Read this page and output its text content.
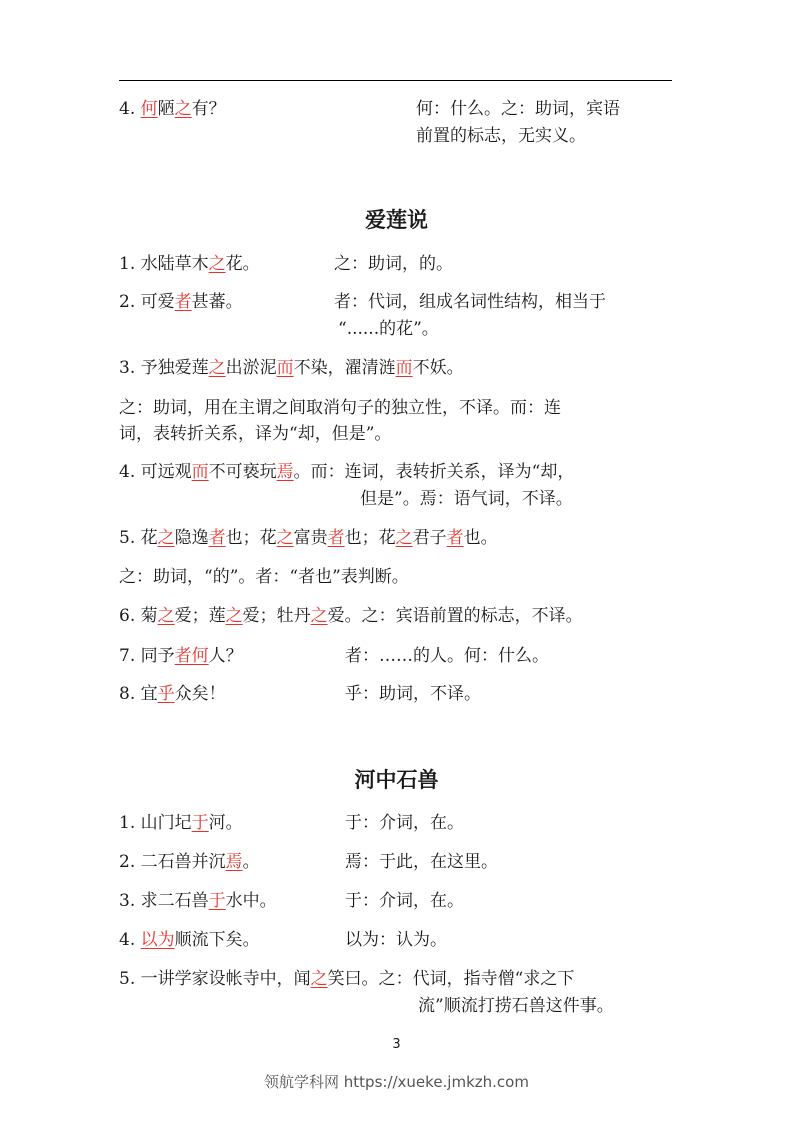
4. 何陋之有？	何：什么。之：助词，宾语
前置的标志，无实义。
爱莲说
1. 水陆草木之花。	之：助词，的。
2. 可爱者甚蕃。	者：代词，组成名词性结构，相当于
“......的花”。
3. 予独爱莲之出淤泥而不染，濯清涟而不妖。
之：助词，用在主谓之间取消句子的独立性，不译。而：连
词，表转折关系，译为“却，但是”。
4. 可远观而不可亵玩焉。而：连词，表转折关系，译为“却，
但是”。焉：语气词，不译。
5. 花之隐逸者也；花之富贵者也；花之君子者也。
之：助词，“的”。者：“者也”表判断。
6. 菊之爱；莲之爱；牡丹之爱。之：宾语前置的标志，不译。
7. 同予者何人？	者：……的人。何：什么。
8. 宜乎众矣！	乎：助词，不译。
河中石兽
1. 山门圮于河。	于：介词，在。
2. 二石兽并沉焉。	焉：于此，在这里。
3. 求二石兽于水中。	于：介词，在。
4. 以为顺流下矣。	以为：认为。
5. 一讲学家设帐寺中，闻之笑曰。之：代词，指寺僧“求之下
流”顺流打捞石兽这件事。
3
领航学科网 https://xueke.jmkzh.com
